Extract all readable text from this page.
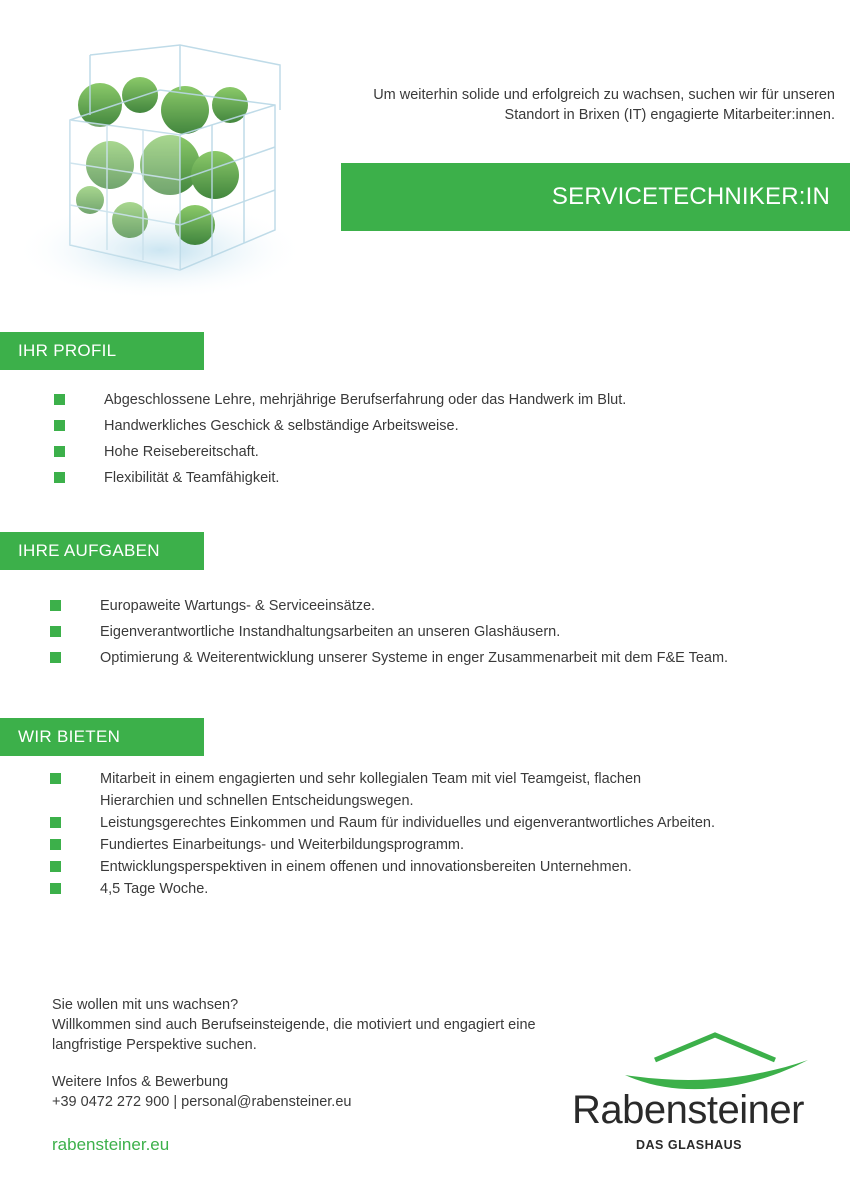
Um weiterhin solide und erfolgreich zu wachsen, suchen wir für unseren Standort in Brixen (IT) engagierte Mitarbeiter:innen.
SERVICETECHNIKER:IN
IHR PROFIL
Abgeschlossene Lehre, mehrjährige Berufserfahrung oder das Handwerk im Blut.
Handwerkliches Geschick & selbständige Arbeitsweise.
Hohe Reisebereitschaft.
Flexibilität & Teamfähigkeit.
IHRE AUFGABEN
Europaweite Wartungs- & Serviceeinsätze.
Eigenverantwortliche Instandhaltungsarbeiten an unseren Glashäusern.
Optimierung & Weiterentwicklung unserer Systeme in enger Zusammenarbeit mit dem F&E Team.
WIR BIETEN
Mitarbeit in einem engagierten und sehr kollegialen Team mit viel Teamgeist, flachen Hierarchien und schnellen Entscheidungswegen.
Leistungsgerechtes Einkommen und Raum für individuelles und eigenverantwortliches Arbeiten.
Fundiertes Einarbeitungs- und Weiterbildungsprogramm.
Entwicklungsperspektiven in einem offenen und innovationsbereiten Unternehmen.
4,5 Tage Woche.
Sie wollen mit uns wachsen?
Willkommen sind auch Berufseinsteigende, die motiviert und engagiert eine langfristige Perspektive suchen.
Weitere Infos & Bewerbung
+39 0472 272 900 | personal@rabensteiner.eu
rabensteiner.eu
Rabensteiner
DAS GLASHAUS
